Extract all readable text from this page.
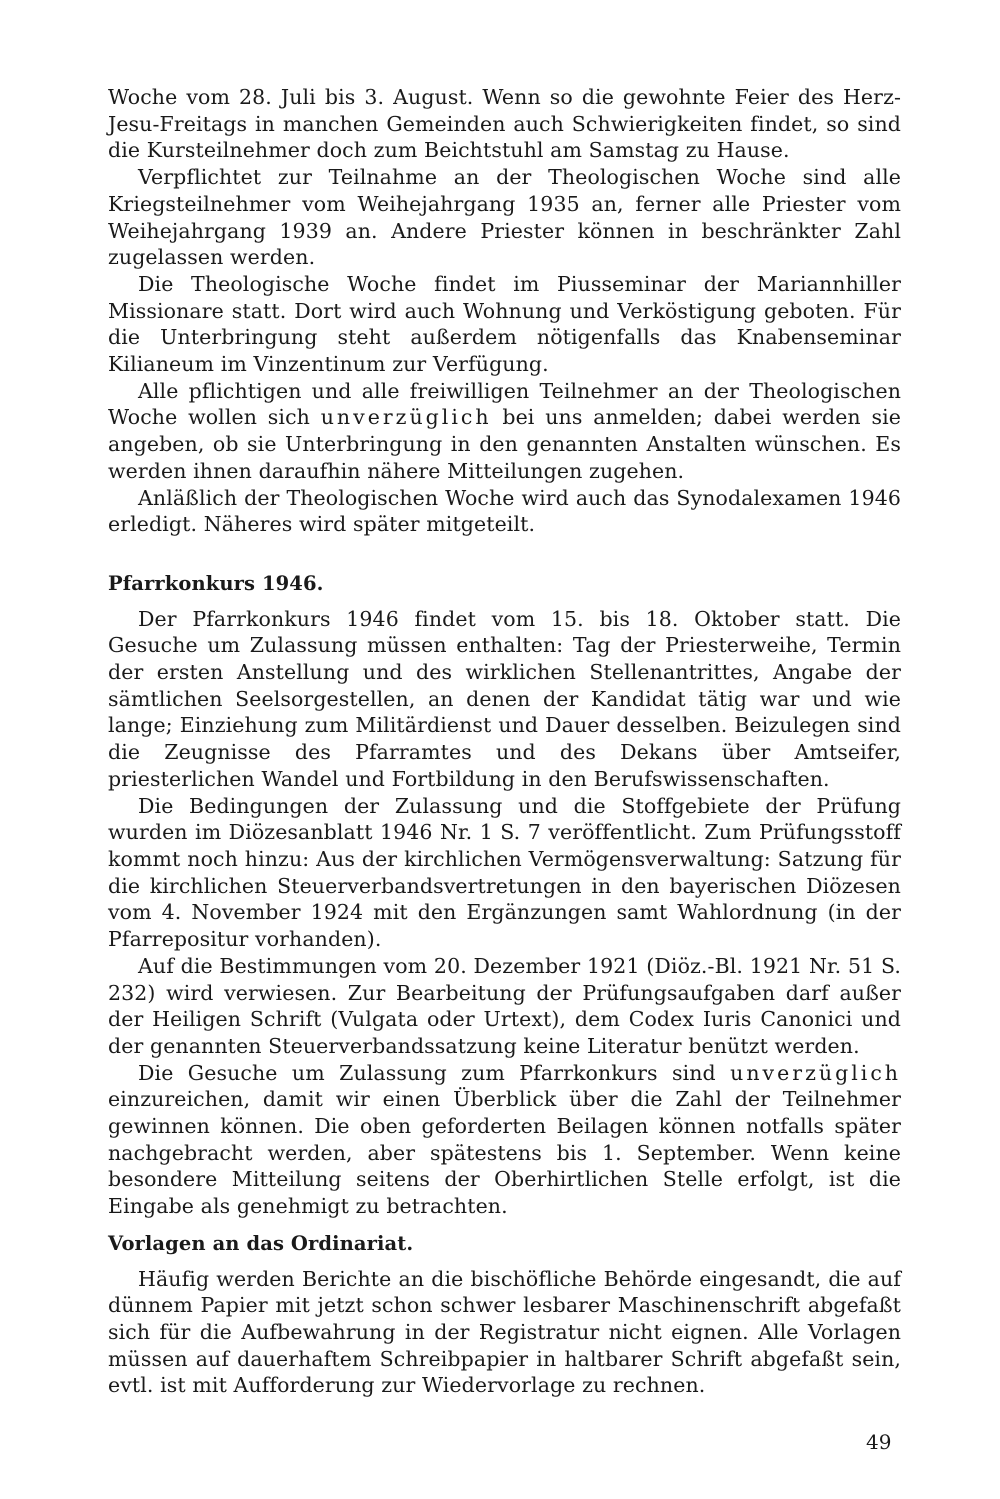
Woche vom 28. Juli bis 3. August. Wenn so die gewohnte Feier des Herz-Jesu-Freitags in manchen Gemeinden auch Schwierigkeiten findet, so sind die Kursteilnehmer doch zum Beichtstuhl am Samstag zu Hause.

Verpflichtet zur Teilnahme an der Theologischen Woche sind alle Kriegsteilnehmer vom Weihejahrgang 1935 an, ferner alle Priester vom Weihejahrgang 1939 an. Andere Priester können in beschränkter Zahl zugelassen werden.

Die Theologische Woche findet im Piusseminar der Mariannhiller Missionare statt. Dort wird auch Wohnung und Verköstigung geboten. Für die Unterbringung steht außerdem nötigenfalls das Knabenseminar Kilianeum im Vinzentinum zur Verfügung.

Alle pflichtigen und alle freiwilligen Teilnehmer an der Theologischen Woche wollen sich unverzüglich bei uns anmelden; dabei werden sie angeben, ob sie Unterbringung in den genannten Anstalten wünschen. Es werden ihnen daraufhin nähere Mitteilungen zugehen.

Anläßlich der Theologischen Woche wird auch das Synodalexamen 1946 erledigt. Näheres wird später mitgeteilt.

Pfarrkonkurs 1946.

Der Pfarrkonkurs 1946 findet vom 15. bis 18. Oktober statt. Die Gesuche um Zulassung müssen enthalten: Tag der Priesterweihe, Termin der ersten Anstellung und des wirklichen Stellenantrittes, Angabe der sämtlichen Seelsorgestellen, an denen der Kandidat tätig war und wie lange; Einziehung zum Militärdienst und Dauer desselben. Beizulegen sind die Zeugnisse des Pfarramtes und des Dekans über Amtseifer, priesterlichen Wandel und Fortbildung in den Berufswissenschaften.

Die Bedingungen der Zulassung und die Stoffgebiete der Prüfung wurden im Diözesanblatt 1946 Nr. 1 S. 7 veröffentlicht. Zum Prüfungsstoff kommt noch hinzu: Aus der kirchlichen Vermögensverwaltung: Satzung für die kirchlichen Steuerverbandsvertretungen in den bayerischen Diözesen vom 4. November 1924 mit den Ergänzungen samt Wahlordnung (in der Pfarrepositur vorhanden).

Auf die Bestimmungen vom 20. Dezember 1921 (Diöz.-Bl. 1921 Nr. 51 S. 232) wird verwiesen. Zur Bearbeitung der Prüfungsaufgaben darf außer der Heiligen Schrift (Vulgata oder Urtext), dem Codex Iuris Canonici und der genannten Steuerverbandssatzung keine Literatur benützt werden.

Die Gesuche um Zulassung zum Pfarrkonkurs sind unverzüglich einzureichen, damit wir einen Überblick über die Zahl der Teilnehmer gewinnen können. Die oben geforderten Beilagen können notfalls später nachgebracht werden, aber spätestens bis 1. September. Wenn keine besondere Mitteilung seitens der Oberhirtlichen Stelle erfolgt, ist die Eingabe als genehmigt zu betrachten.

Vorlagen an das Ordinariat.

Häufig werden Berichte an die bischöfliche Behörde eingesandt, die auf dünnem Papier mit jetzt schon schwer lesbarer Maschinenschrift abgefaßt sich für die Aufbewahrung in der Registratur nicht eignen. Alle Vorlagen müssen auf dauerhaftem Schreibpapier in haltbarer Schrift abgefaßt sein, evtl. ist mit Aufforderung zur Wiedervorlage zu rechnen.

49
